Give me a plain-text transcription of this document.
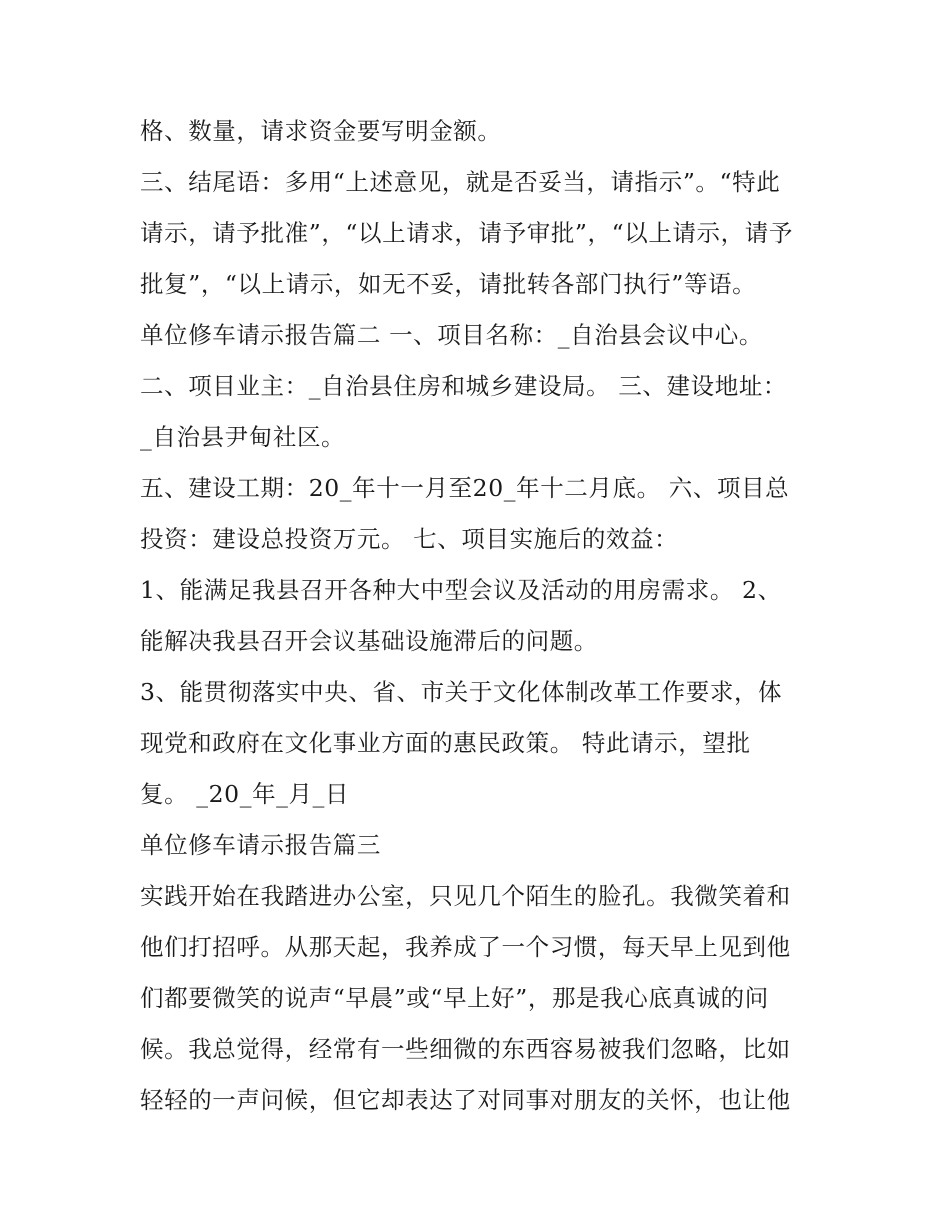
格、数量，请求资金要写明金额。
三、结尾语：多用“上述意见，就是否妥当，请指示”。“特此
请示，请予批准”，“以上请求，请予审批”，“以上请示，请予
批复”，“以上请示，如无不妥，请批转各部门执行”等语。
单位修车请示报告篇二 一、项目名称：_自治县会议中心。
二、项目业主：_自治县住房和城乡建设局。 三、建设地址：
_自治县尹甸社区。
五、建设工期：20_年十一月至20_年十二月底。 六、项目总
投资：建设总投资万元。 七、项目实施后的效益：
1、能满足我县召开各种大中型会议及活动的用房需求。 2、
能解决我县召开会议基础设施滞后的问题。
3、能贯彻落实中央、省、市关于文化体制改革工作要求，体
现党和政府在文化事业方面的惠民政策。 特此请示，望批
复。 _20_年_月_日
单位修车请示报告篇三
实践开始在我踏进办公室，只见几个陌生的脸孔。我微笑着和
他们打招呼。从那天起，我养成了一个习惯，每天早上见到他
们都要微笑的说声“早晨”或“早上好”，那是我心底真诚的问
候。我总觉得，经常有一些细微的东西容易被我们忽略，比如
轻轻的一声问候，但它却表达了对同事对朋友的关怀，也让他
